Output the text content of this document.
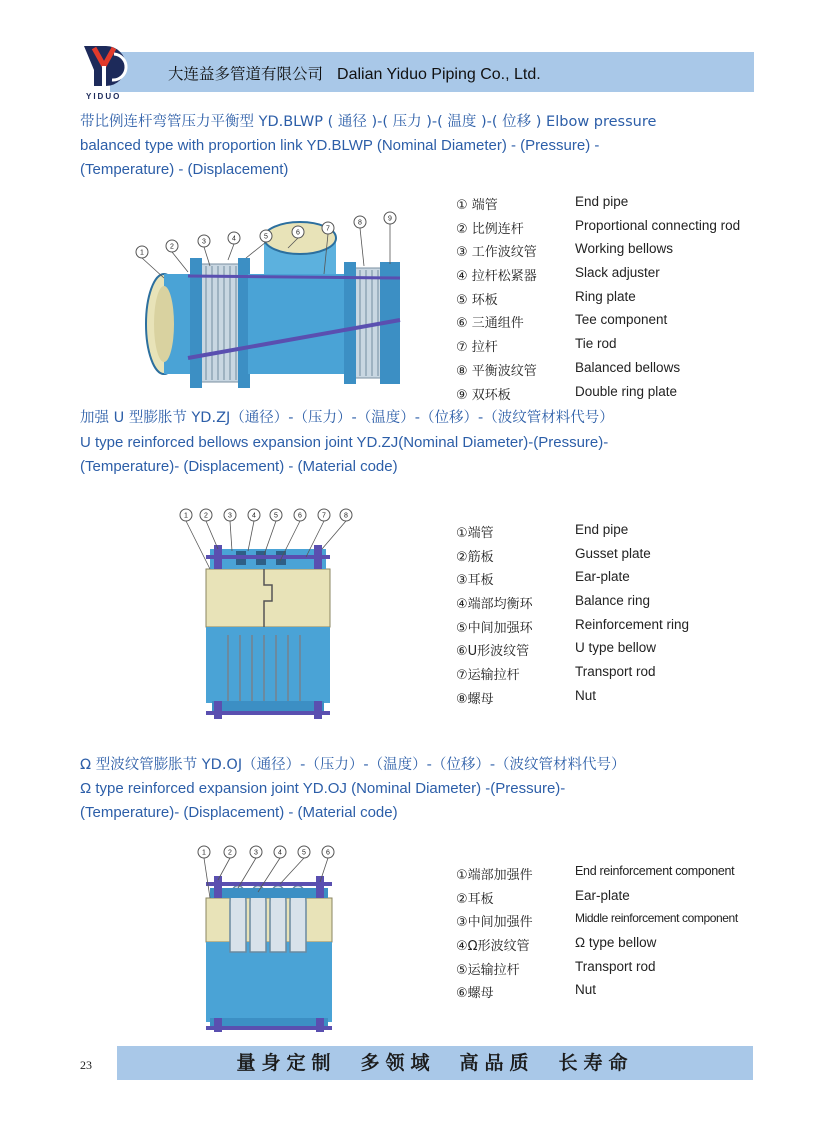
YIDUO
大连益多管道有限公司 Dalian Yiduo Piping Co., Ltd.
带比例连杆弯管压力平衡型 YD.BLWP ( 通径 )-( 压力 )-( 温度 )-( 位移 ) Elbow pressure
balanced type with proportion link YD.BLWP (Nominal Diameter) - (Pressure) -
(Temperature) - (Displacement)
1
2
3	4	5
6
7
8
9
① 端管	End pipe
② 比例连杆	Proportional connecting rod
③ 工作波纹管	Working bellows
④ 拉杆松紧器	Slack adjuster
⑤ 环板	Ring plate
⑥ 三通组件	Tee component
⑦ 拉杆	Tie rod
⑧ 平衡波纹管	Balanced bellows
⑨ 双环板	Double ring plate
加强 U 型膨胀节 YD.ZJ（通径）-（压力）-（温度）-（位移）-（波纹管材料代号）
U type reinforced bellows expansion joint YD.ZJ(Nominal Diameter)-(Pressure)-
(Temperature)- (Displacement) - (Material code)
1 2	3	4	5	6	7	8
①端管	End pipe
②筋板	Gusset plate
③耳板	Ear-plate
④端部均衡环	Balance ring
⑤中间加强环	Reinforcement ring
⑥U形波纹管	U type bellow
⑦运输拉杆	Transport rod
⑧螺母	Nut
Ω 型波纹管膨胀节 YD.OJ（通径）-（压力）-（温度）-（位移）-（波纹管材料代号）
Ω type reinforced expansion joint YD.OJ (Nominal Diameter) -(Pressure)-
(Temperature)- (Displacement) - (Material code)
1	2	3	4	5	6
①端部加强件	End reinforcement component
②耳板	Ear-plate
③中间加强件	Middle reinforcement component
④Ω形波纹管	Ω type bellow
⑤运输拉杆	Transport rod
⑥螺母	Nut
23	量身定制 多领域 高品质 长寿命
